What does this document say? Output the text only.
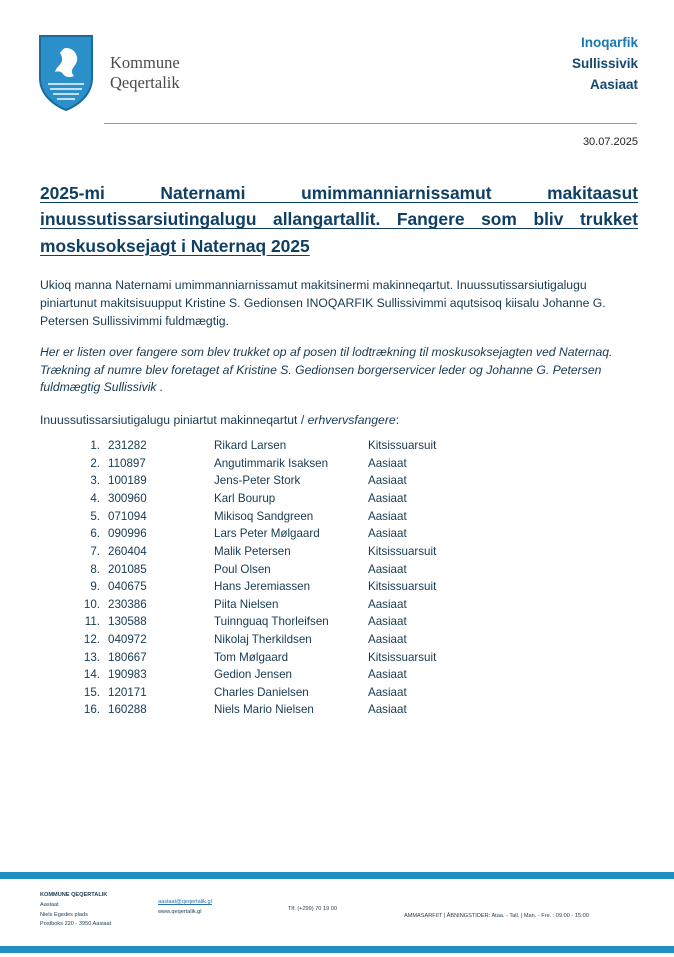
Kommune
Qeqertalik
Inoqarfik
Sullissivik
Aasiaat
30.07.2025
2025-mi Naternami umimmanniarnissamut makitaasut inuussutissarsiutingalugu allangartallit. Fangere som bliv trukket moskusoksejagt i Naternaq 2025

Ukioq manna Naternami umimmanniarnissamut makitsinermi makinneqartut. Inuussutissarsiutigalugu piniartunut makitsisuupput Kristine S. Gedionsen INOQARFIK Sullissivimmi aqutsisoq kiisalu Johanne G. Petersen Sullissivimmi fuldmægtig.

Her er listen over fangere som blev trukket op af posen til lodtrækning til moskusoksejagten ved Naternaq. Trækning af numre blev foretaget af Kristine S. Gedionsen borgerservicer leder og Johanne G. Petersen fuldmægtig Sullissivik .

Inuussutissarsiutigalugu piniartut makinneqartut / erhvervsfangere:

1. 231282	Rikard Larsen	Kitsissuarsuit
2. 110897	Angutimmarik Isaksen	Aasiaat
3. 100189	Jens-Peter Stork	Aasiaat
4. 300960	Karl Bourup	Aasiaat
5. 071094	Mikisoq Sandgreen	Aasiaat
6. 090996	Lars Peter Mølgaard	Aasiaat
7. 260404	Malik Petersen	Kitsissuarsuit
8. 201085	Poul Olsen	Aasiaat
9. 040675	Hans Jeremiassen	Kitsissuarsuit
10. 230386	Piita Nielsen	Aasiaat
11. 130588	Tuinnguaq Thorleifsen	Aasiaat
12. 040972	Nikolaj Therkildsen	Aasiaat
13. 180667	Tom Mølgaard	Kitsissuarsuit
14. 190983	Gedion Jensen	Aasiaat
15. 120171	Charles Danielsen	Aasiaat
16. 160288	Niels Mario Nielsen	Aasiaat
KOMMUNE QEQERTALIK
Aasiaat
Niels Egedes plads
Postboks 220 - 3950 Aasiaat
aasiaat@qeqertalik.gl
www.qeqertalik.gl	Tlf. (+299) 70 19 00
AMMASARFIIT | ÅBNINGSTIDER: Ataa. - Tall. | Man. - Fre. : 09:00 - 15:00
